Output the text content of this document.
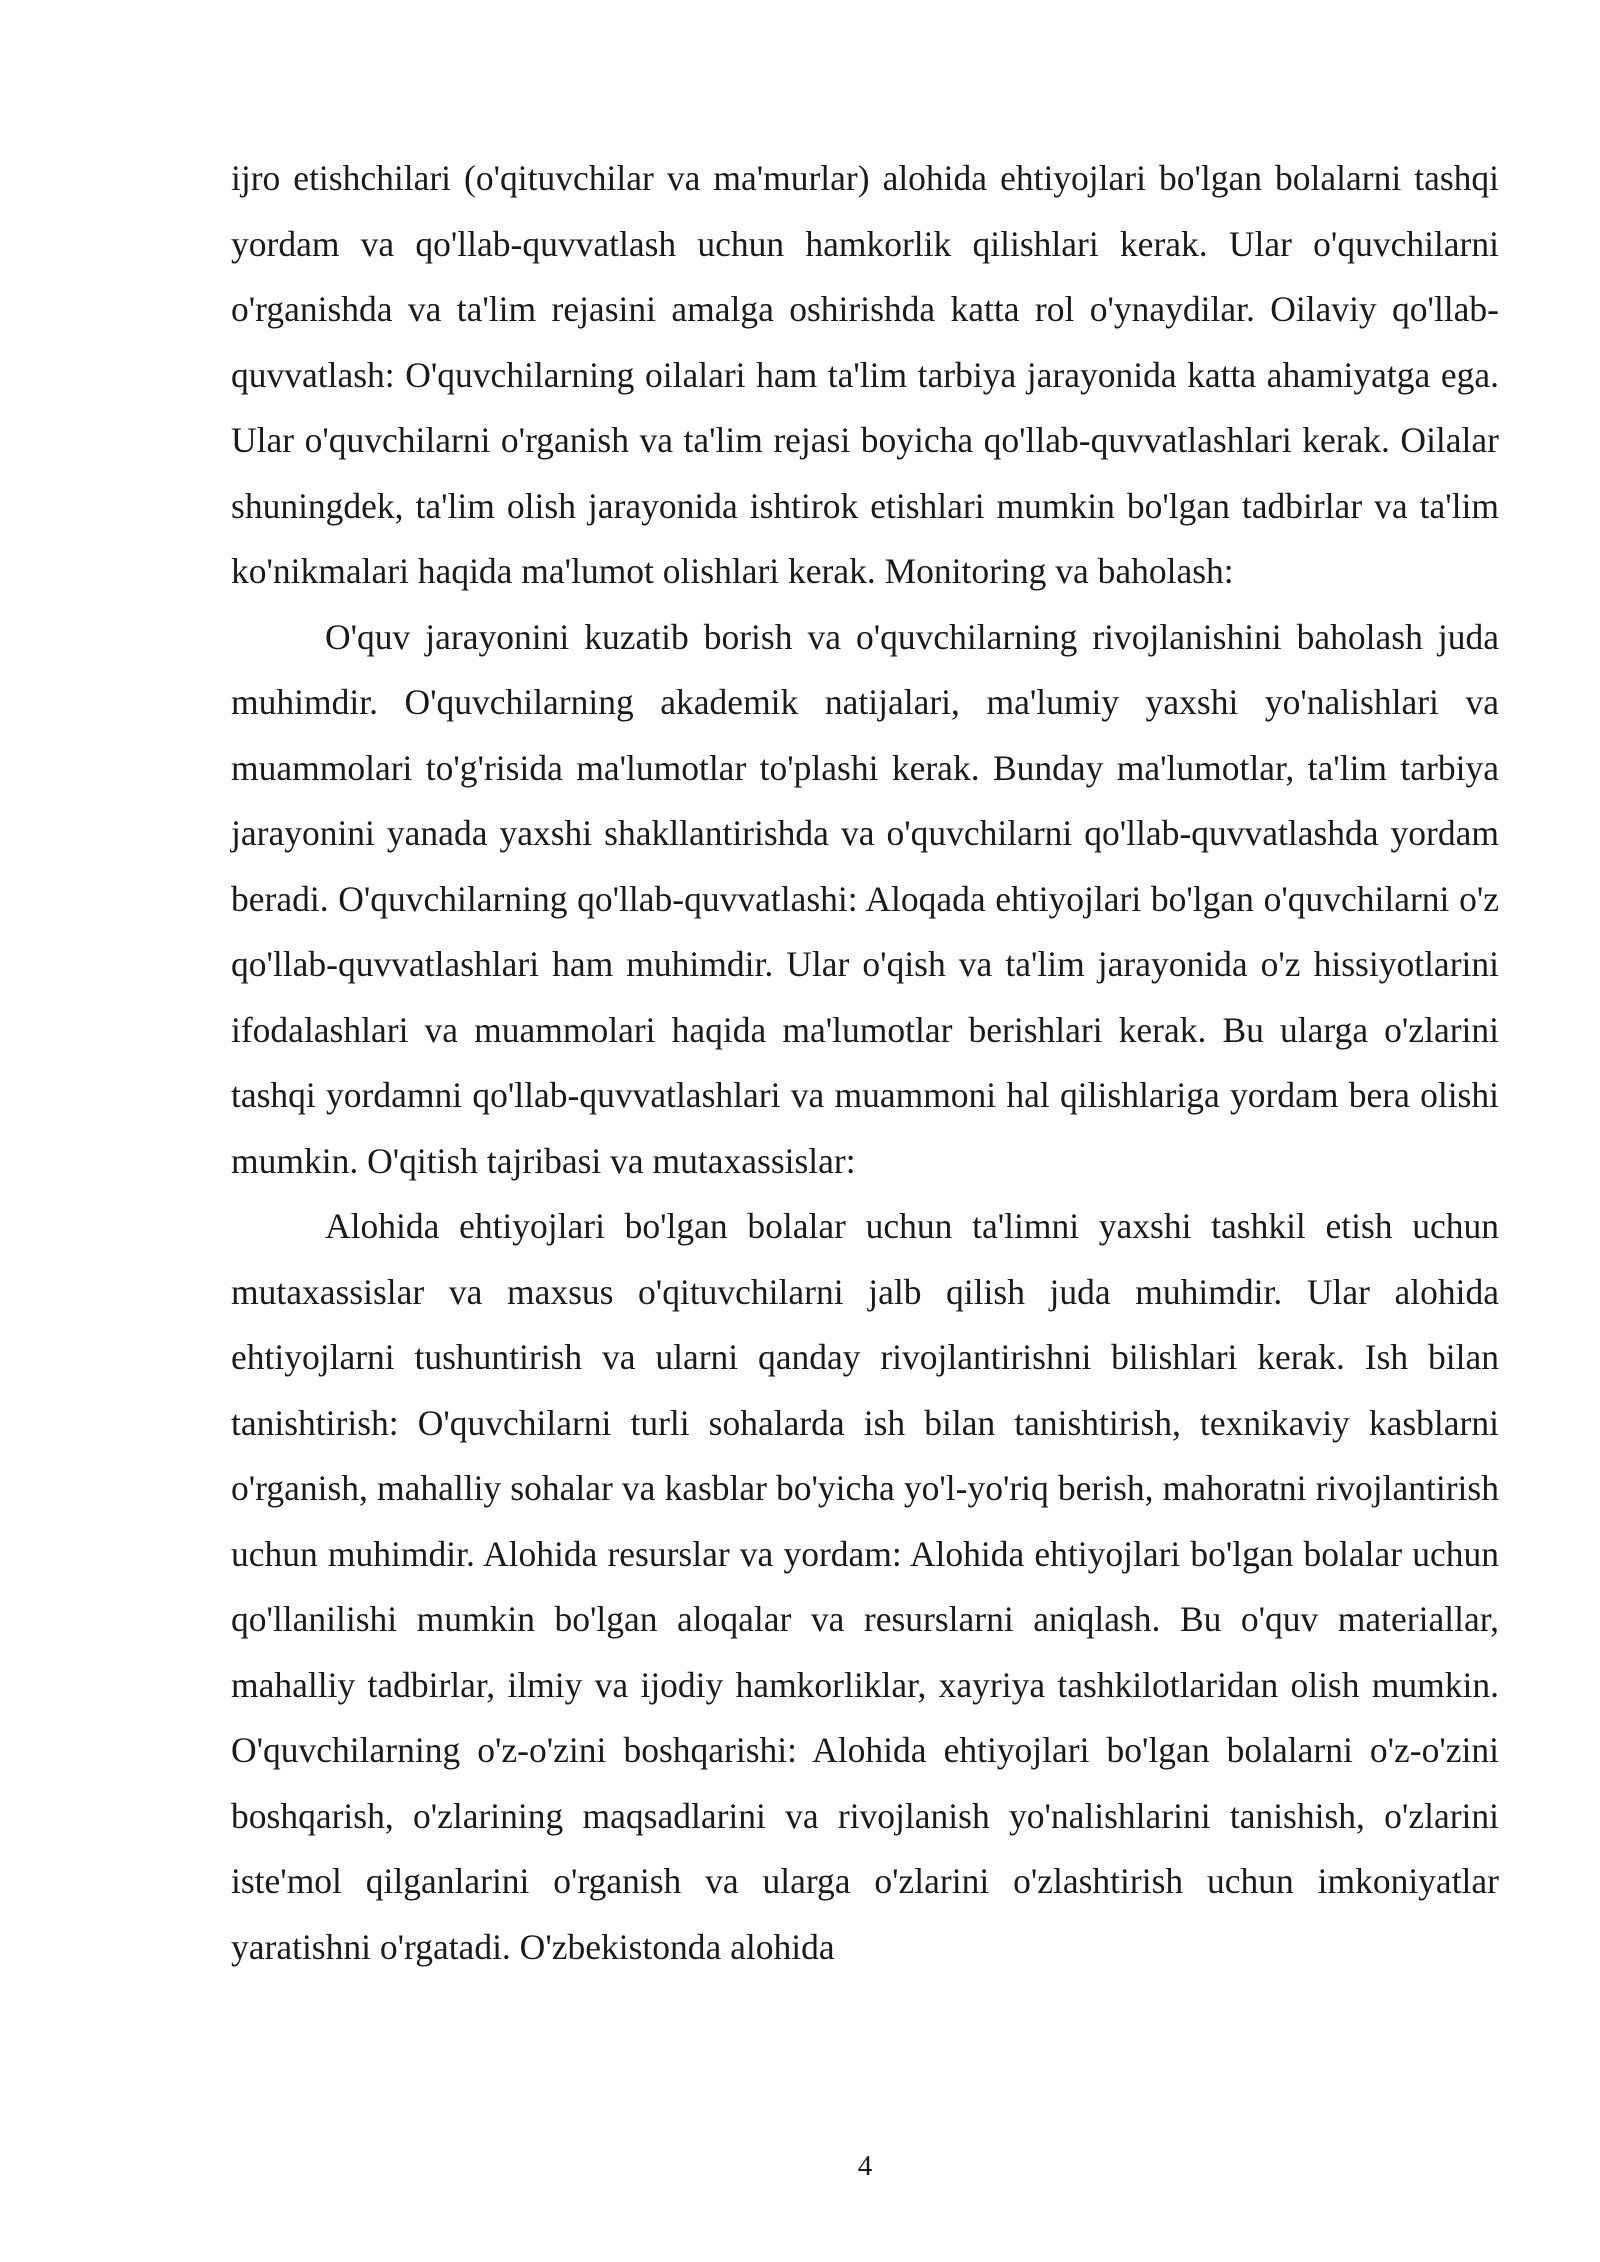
ijro etishchilari (o'qituvchilar va ma'murlar) alohida ehtiyojlari bo'lgan bolalarni tashqi yordam va qo'llab-quvvatlash uchun hamkorlik qilishlari kerak. Ular o'quvchilarni o'rganishda va ta'lim rejasini amalga oshirishda katta rol o'ynaydilar. Oilaviy qo'llab-quvvatlash: O'quvchilarning oilalari ham ta'lim tarbiya jarayonida katta ahamiyatga ega. Ular o'quvchilarni o'rganish va ta'lim rejasi boyicha qo'llab-quvvatlashlari kerak. Oilalar shuningdek, ta'lim olish jarayonida ishtirok etishlari mumkin bo'lgan tadbirlar va ta'lim ko'nikmalari haqida ma'lumot olishlari kerak. Monitoring va baholash:

O'quv jarayonini kuzatib borish va o'quvchilarning rivojlanishini baholash juda muhimdir. O'quvchilarning akademik natijalari, ma'lumiy yaxshi yo'nalishlari va muammolari to'g'risida ma'lumotlar to'plashi kerak. Bunday ma'lumotlar, ta'lim tarbiya jarayonini yanada yaxshi shakllantirishda va o'quvchilarni qo'llab-quvvatlashda yordam beradi. O'quvchilarning qo'llab-quvvatlashi: Aloqada ehtiyojlari bo'lgan o'quvchilarni o'z qo'llab-quvvatlashlari ham muhimdir. Ular o'qish va ta'lim jarayonida o'z hissiyotlarini ifodalashlari va muammolari haqida ma'lumotlar berishlari kerak. Bu ularga o'zlarini tashqi yordamni qo'llab-quvvatlashlari va muammoni hal qilishlariga yordam bera olishi mumkin. O'qitish tajribasi va mutaxassislar:

Alohida ehtiyojlari bo'lgan bolalar uchun ta'limni yaxshi tashkil etish uchun mutaxassislar va maxsus o'qituvchilarni jalb qilish juda muhimdir. Ular alohida ehtiyojlarni tushuntirish va ularni qanday rivojlantirishni bilishlari kerak. Ish bilan tanishtirish: O'quvchilarni turli sohalarda ish bilan tanishtirish, texnikaviy kasblarni o'rganish, mahalliy sohalar va kasblar bo'yicha yo'l-yo'riq berish, mahoratni rivojlantirish uchun muhimdir. Alohida resurslar va yordam: Alohida ehtiyojlari bo'lgan bolalar uchun qo'llanilishi mumkin bo'lgan aloqalar va resurslarni aniqlash. Bu o'quv materiallar, mahalliy tadbirlar, ilmiy va ijodiy hamkorliklar, xayriya tashkilotlaridan olish mumkin. O'quvchilarning o'z-o'zini boshqarishi: Alohida ehtiyojlari bo'lgan bolalarni o'z-o'zini boshqarish, o'zlarining maqsadlarini va rivojlanish yo'nalishlarini tanishish, o'zlarini iste'mol qilganlarini o'rganish va ularga o'zlarini o'zlashtirish uchun imkoniyatlar yaratishni o'rgatadi. O'zbekistonda alohida

4
